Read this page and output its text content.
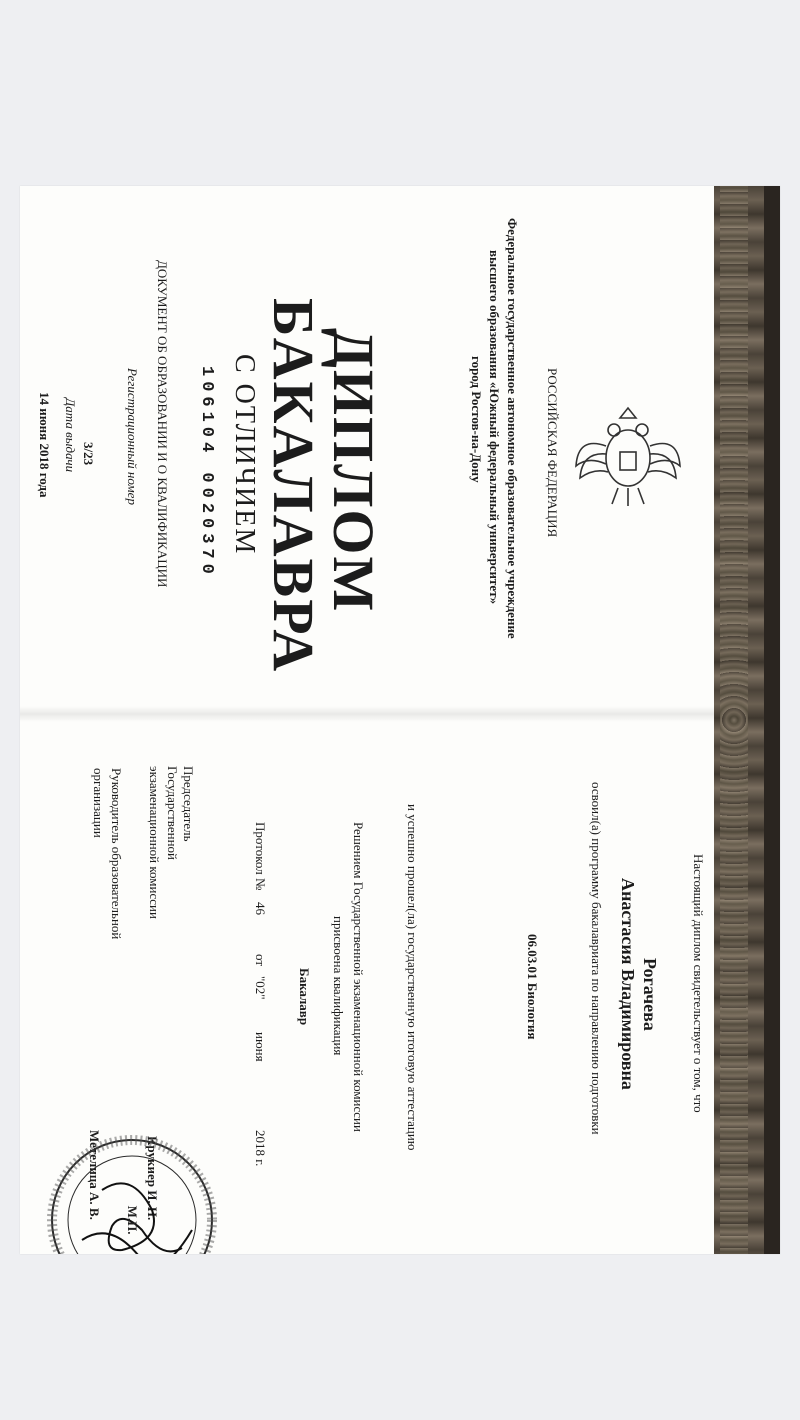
РОССИЙСКАЯ ФЕДЕРАЦИЯ
Федеральное государственное автономное образовательное учреждение
высшего образования «Южный федеральный университет»
город Ростов-на-Дону
ДИПЛОМ
БАКАЛАВРА
С ОТЛИЧИЕМ
106104 0020370
ДОКУМЕНТ ОБ ОБРАЗОВАНИИ И О КВАЛИФИКАЦИИ
Регистрационный номер
3/23
Дата выдачи
14 июня 2018 года
Настоящий диплом свидетельствует о том, что
Рогачева
Анастасия Владимировна
освоил(а) программу бакалавриата по направлению подготовки
06.03.01 Биология
и успешно прошел(ла) государственную итоговую аттестацию
Решением Государственной экзаменационной комиссии
присвоена квалификация
Бакалавр
Протокол №
46
от
"02"
июня
2018 г.
Председатель
Государственной
экзаменационной комиссии
Крукиер И. Н.
Руководитель образовательной
организации
Метелица А. В.
М.П.
